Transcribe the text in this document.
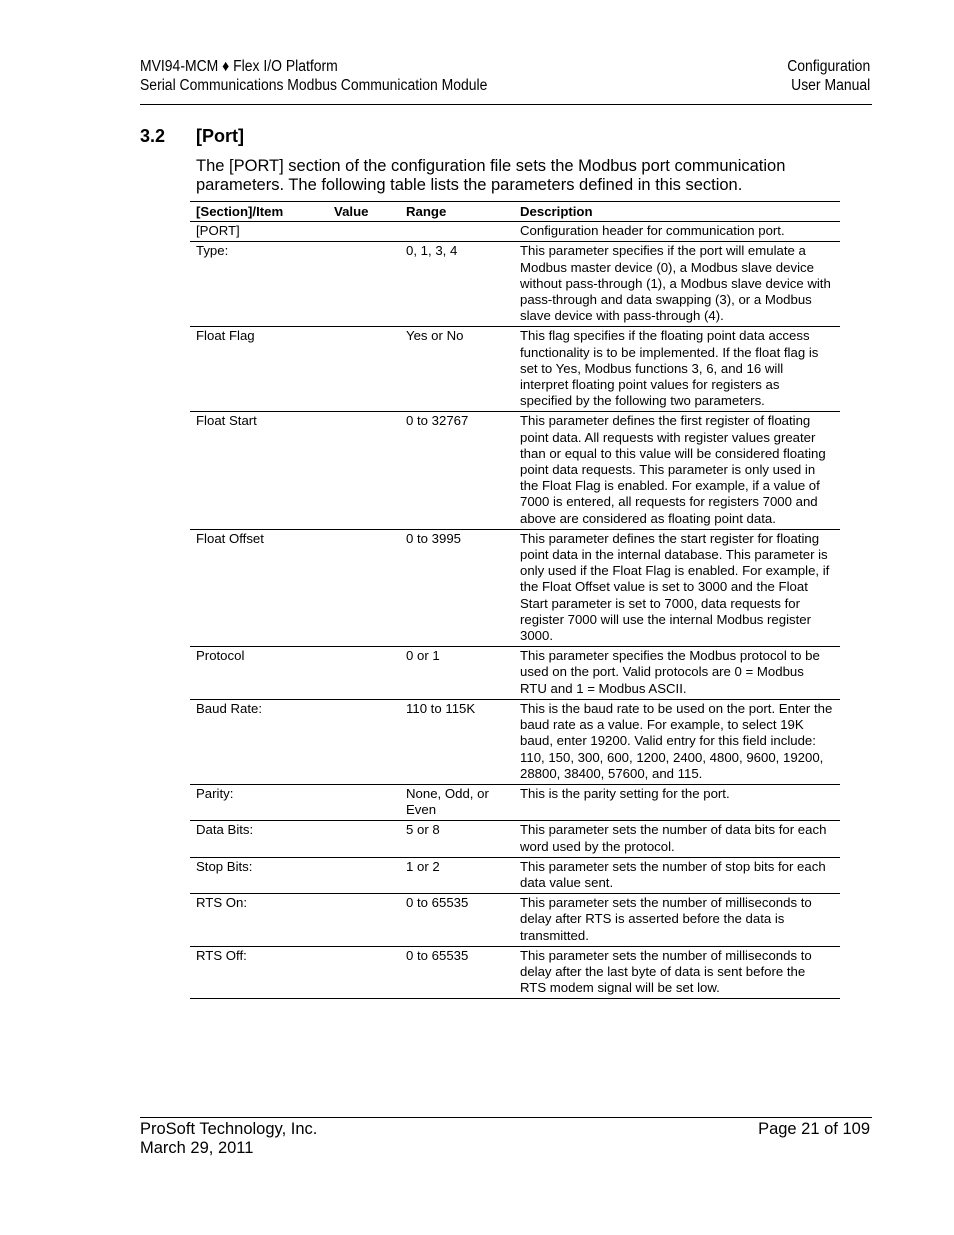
MVI94-MCM ♦ Flex I/O Platform
Serial Communications Modbus Communication Module
Configuration
User Manual
3.2 [Port]
The [PORT] section of the configuration file sets the Modbus port communication parameters. The following table lists the parameters defined in this section.
[Section]/Item	Value	Range	Description
[PORT]			Configuration header for communication port.
Type:		0, 1, 3, 4	This parameter specifies if the port will emulate a Modbus master device (0), a Modbus slave device without pass-through (1), a Modbus slave device with pass-through and data swapping (3), or a Modbus slave device with pass-through (4).
Float Flag		Yes or No	This flag specifies if the floating point data access functionality is to be implemented. If the float flag is set to Yes, Modbus functions 3, 6, and 16 will interpret floating point values for registers as specified by the following two parameters.
Float Start		0 to 32767	This parameter defines the first register of floating point data. All requests with register values greater than or equal to this value will be considered floating point data requests. This parameter is only used in the Float Flag is enabled. For example, if a value of 7000 is entered, all requests for registers 7000 and above are considered as floating point data.
Float Offset		0 to 3995	This parameter defines the start register for floating point data in the internal database. This parameter is only used if the Float Flag is enabled. For example, if the Float Offset value is set to 3000 and the Float Start parameter is set to 7000, data requests for register 7000 will use the internal Modbus register 3000.
Protocol		0 or 1	This parameter specifies the Modbus protocol to be used on the port. Valid protocols are 0 = Modbus RTU and 1 = Modbus ASCII.
Baud Rate:		110 to 115K	This is the baud rate to be used on the port. Enter the baud rate as a value. For example, to select 19K baud, enter 19200. Valid entry for this field include: 110, 150, 300, 600, 1200, 2400, 4800, 9600, 19200, 28800, 38400, 57600, and 115.
Parity:		None, Odd, or Even	This is the parity setting for the port.
Data Bits:		5 or 8	This parameter sets the number of data bits for each word used by the protocol.
Stop Bits:		1 or 2	This parameter sets the number of stop bits for each data value sent.
RTS On:		0 to 65535	This parameter sets the number of milliseconds to delay after RTS is asserted before the data is transmitted.
RTS Off:		0 to 65535	This parameter sets the number of milliseconds to delay after the last byte of data is sent before the RTS modem signal will be set low.
ProSoft Technology, Inc.
March 29, 2011
Page 21 of 109
